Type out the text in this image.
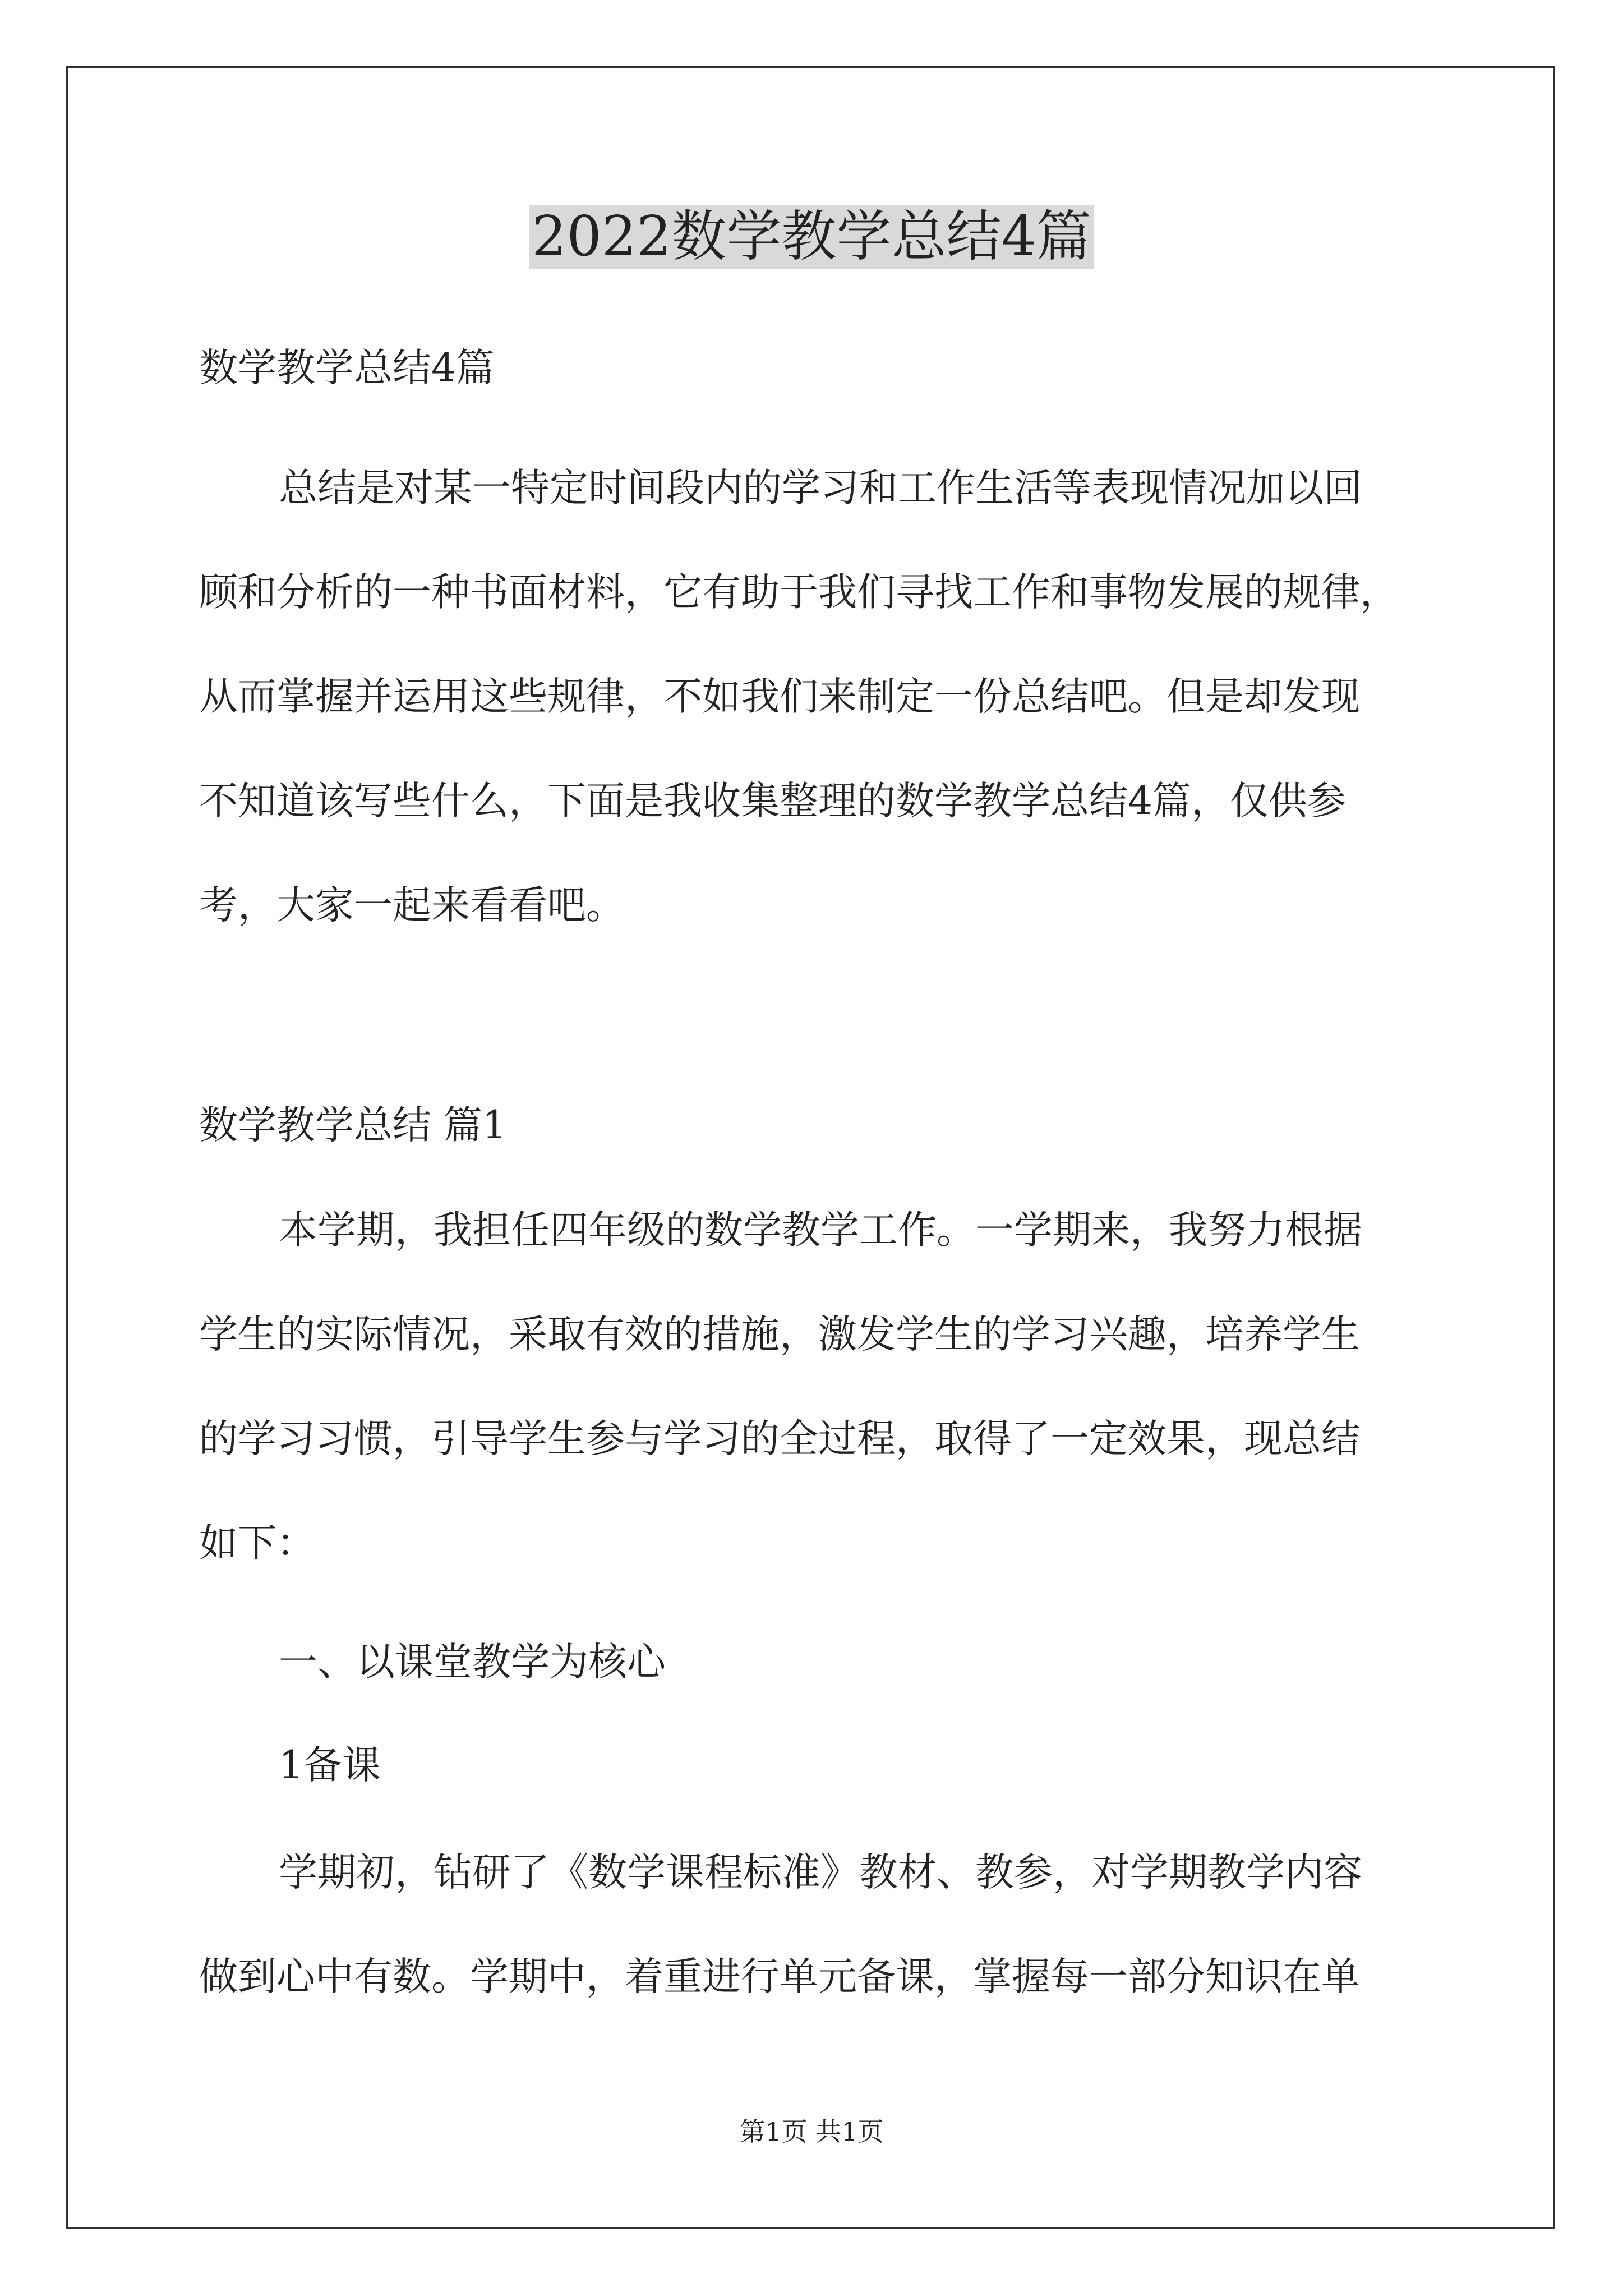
2022数学教学总结4篇
数学教学总结4篇
总结是对某一特定时间段内的学习和工作生活等表现情况加以回
顾和分析的一种书面材料，它有助于我们寻找工作和事物发展的规律，
从而掌握并运用这些规律，不如我们来制定一份总结吧。但是却发现
不知道该写些什么，下面是我收集整理的数学教学总结4篇，仅供参
考，大家一起来看看吧。
数学教学总结 篇1
本学期，我担任四年级的数学教学工作。一学期来，我努力根据
学生的实际情况，采取有效的措施，激发学生的学习兴趣，培养学生
的学习习惯，引导学生参与学习的全过程，取得了一定效果，现总结
如下：
一、以课堂教学为核心
1备课
学期初，钻研了《数学课程标准》教材、教参，对学期教学内容
做到心中有数。学期中，着重进行单元备课，掌握每一部分知识在单
第1页 共1页
